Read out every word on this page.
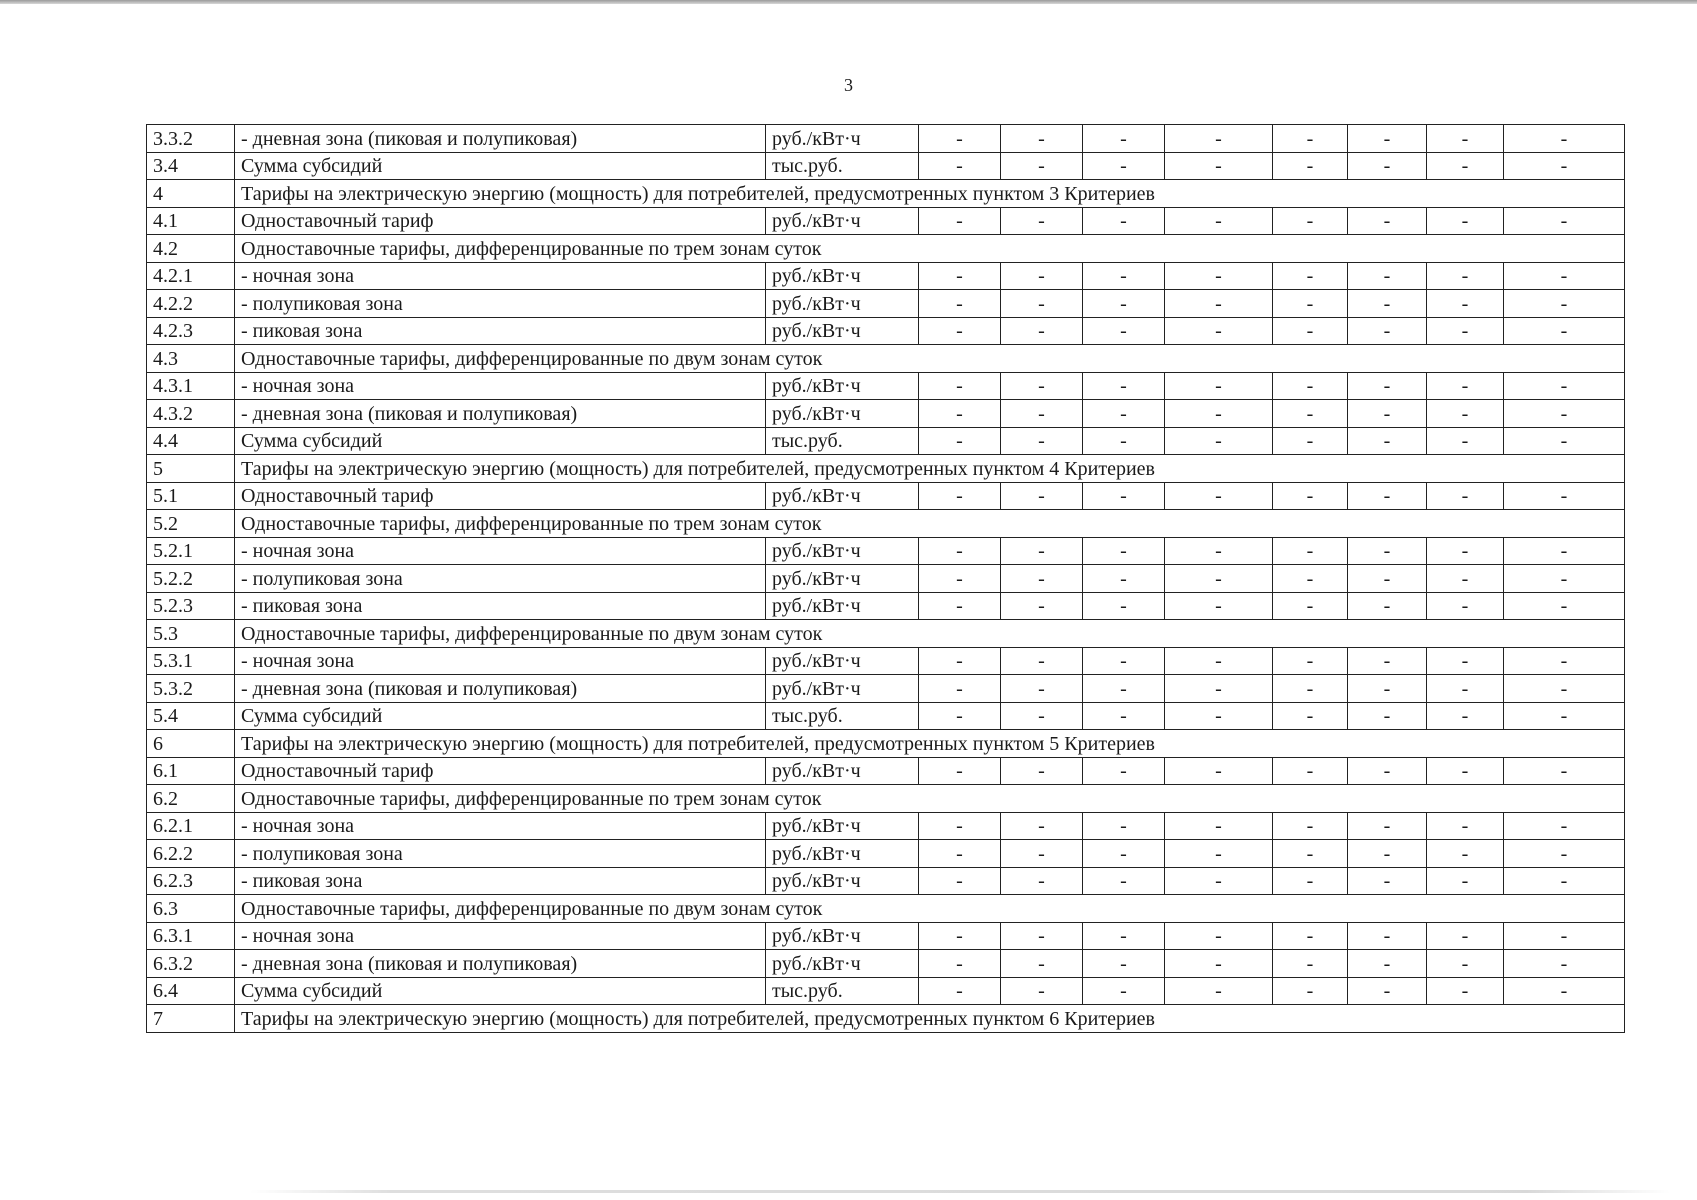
3
3.3.2	- дневная зона (пиковая и полупиковая)	руб./кВт·ч	-	-	-	-	-	-	-	-
3.4	Сумма субсидий	тыс.руб.	-	-	-	-	-	-	-	-
4	Тарифы на электрическую энергию (мощность) для потребителей, предусмотренных пунктом 3 Критериев									
4.1	Одноставочный тариф	руб./кВт·ч	-	-	-	-	-	-	-	-
4.2	Одноставочные тарифы, дифференцированные по трем зонам суток									
4.2.1	- ночная зона	руб./кВт·ч	-	-	-	-	-	-	-	-
4.2.2	- полупиковая зона	руб./кВт·ч	-	-	-	-	-	-	-	-
4.2.3	- пиковая зона	руб./кВт·ч	-	-	-	-	-	-	-	-
4.3	Одноставочные тарифы, дифференцированные по двум зонам суток									
4.3.1	- ночная зона	руб./кВт·ч	-	-	-	-	-	-	-	-
4.3.2	- дневная зона (пиковая и полупиковая)	руб./кВт·ч	-	-	-	-	-	-	-	-
4.4	Сумма субсидий	тыс.руб.	-	-	-	-	-	-	-	-
5	Тарифы на электрическую энергию (мощность) для потребителей, предусмотренных пунктом 4 Критериев									
5.1	Одноставочный тариф	руб./кВт·ч	-	-	-	-	-	-	-	-
5.2	Одноставочные тарифы, дифференцированные по трем зонам суток									
5.2.1	- ночная зона	руб./кВт·ч	-	-	-	-	-	-	-	-
5.2.2	- полупиковая зона	руб./кВт·ч	-	-	-	-	-	-	-	-
5.2.3	- пиковая зона	руб./кВт·ч	-	-	-	-	-	-	-	-
5.3	Одноставочные тарифы, дифференцированные по двум зонам суток									
5.3.1	- ночная зона	руб./кВт·ч	-	-	-	-	-	-	-	-
5.3.2	- дневная зона (пиковая и полупиковая)	руб./кВт·ч	-	-	-	-	-	-	-	-
5.4	Сумма субсидий	тыс.руб.	-	-	-	-	-	-	-	-
6	Тарифы на электрическую энергию (мощность) для потребителей, предусмотренных пунктом 5 Критериев									
6.1	Одноставочный тариф	руб./кВт·ч	-	-	-	-	-	-	-	-
6.2	Одноставочные тарифы, дифференцированные по трем зонам суток									
6.2.1	- ночная зона	руб./кВт·ч	-	-	-	-	-	-	-	-
6.2.2	- полупиковая зона	руб./кВт·ч	-	-	-	-	-	-	-	-
6.2.3	- пиковая зона	руб./кВт·ч	-	-	-	-	-	-	-	-
6.3	Одноставочные тарифы, дифференцированные по двум зонам суток									
6.3.1	- ночная зона	руб./кВт·ч	-	-	-	-	-	-	-	-
6.3.2	- дневная зона (пиковая и полупиковая)	руб./кВт·ч	-	-	-	-	-	-	-	-
6.4	Сумма субсидий	тыс.руб.	-	-	-	-	-	-	-	-
7	Тарифы на электрическую энергию (мощность) для потребителей, предусмотренных пунктом 6 Критериев									
